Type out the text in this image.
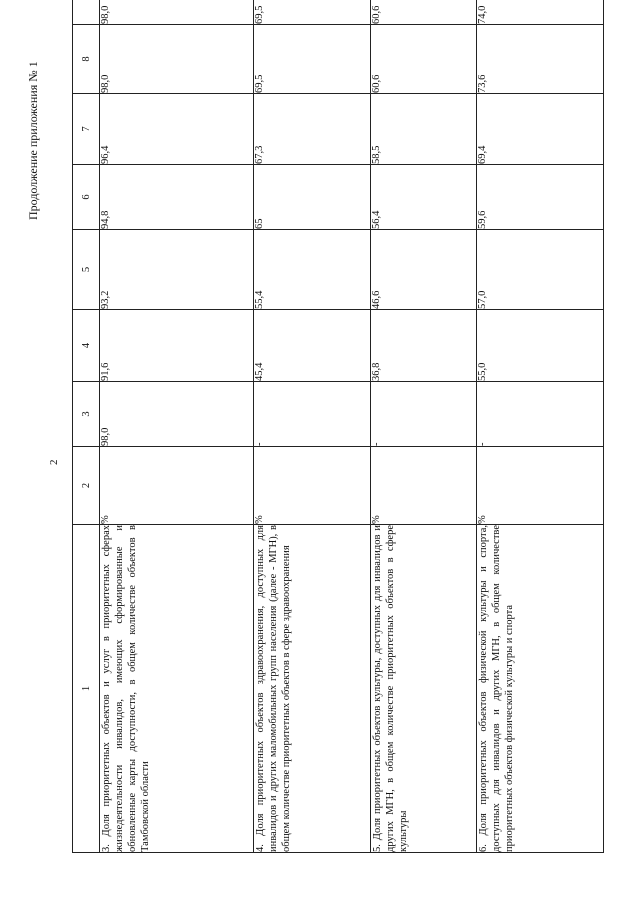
2
Продолжение приложения № 1
1	2	3	4	5	6	7	8	
3. Доля приоритетных объектов и услуг в приоритетных сферах жизнедеятельности инвалидов, имеющих сформированные и обновленные карты доступности, в общем количестве объектов в Тамбовской области	%	98,0	91,6	93,2	94,8	96,4	98,0	98,0
4. Доля приоритетных объектов здравоохранения, доступных для инвалидов и других маломобильных групп населения (далее - МГН), в общем количестве приоритетных объектов в сфере здравоохранения	%	-	45,4	55,4	65	67,3	69,5	69,5
5. Доля приоритетных объектов культуры, доступных для инвалидов и других МГН, в общем количестве приоритетных объектов в сфере культуры	%	-	36,8	46,6	56,4	58,5	60,6	60,6
6. Доля приоритетных объектов физической культуры и спорта, доступных для инвалидов и других МГН, в общем количестве приоритетных объектов физической культуры и спорта	%	-	55,0	57,0	59,6	69,4	73,6	74,0
